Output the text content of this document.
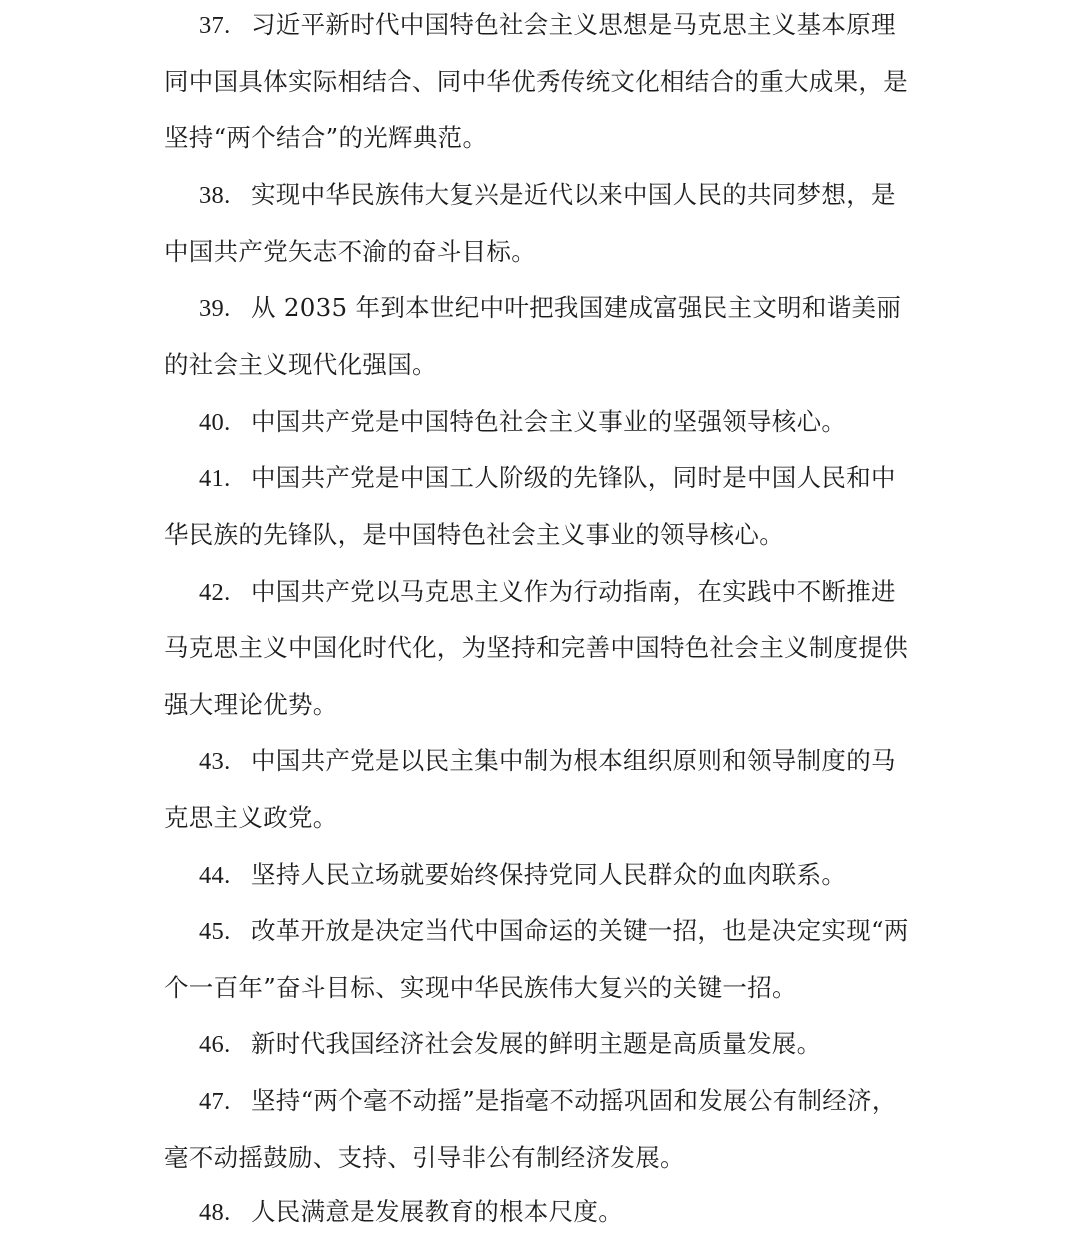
37. 习近平新时代中国特色社会主义思想是马克思主义基本原理
同中国具体实际相结合、同中华优秀传统文化相结合的重大成果，是
坚持“两个结合”的光辉典范。
38. 实现中华民族伟大复兴是近代以来中国人民的共同梦想，是
中国共产党矢志不渝的奋斗目标。
39. 从 2035 年到本世纪中叶把我国建成富强民主文明和谐美丽
的社会主义现代化强国。
40. 中国共产党是中国特色社会主义事业的坚强领导核心。
41. 中国共产党是中国工人阶级的先锋队，同时是中国人民和中
华民族的先锋队，是中国特色社会主义事业的领导核心。
42. 中国共产党以马克思主义作为行动指南，在实践中不断推进
马克思主义中国化时代化，为坚持和完善中国特色社会主义制度提供
强大理论优势。
43. 中国共产党是以民主集中制为根本组织原则和领导制度的马
克思主义政党。
44. 坚持人民立场就要始终保持党同人民群众的血肉联系。
45. 改革开放是决定当代中国命运的关键一招，也是决定实现“两
个一百年”奋斗目标、实现中华民族伟大复兴的关键一招。
46. 新时代我国经济社会发展的鲜明主题是高质量发展。
47. 坚持“两个毫不动摇”是指毫不动摇巩固和发展公有制经济，
毫不动摇鼓励、支持、引导非公有制经济发展。
48. 人民满意是发展教育的根本尺度。
